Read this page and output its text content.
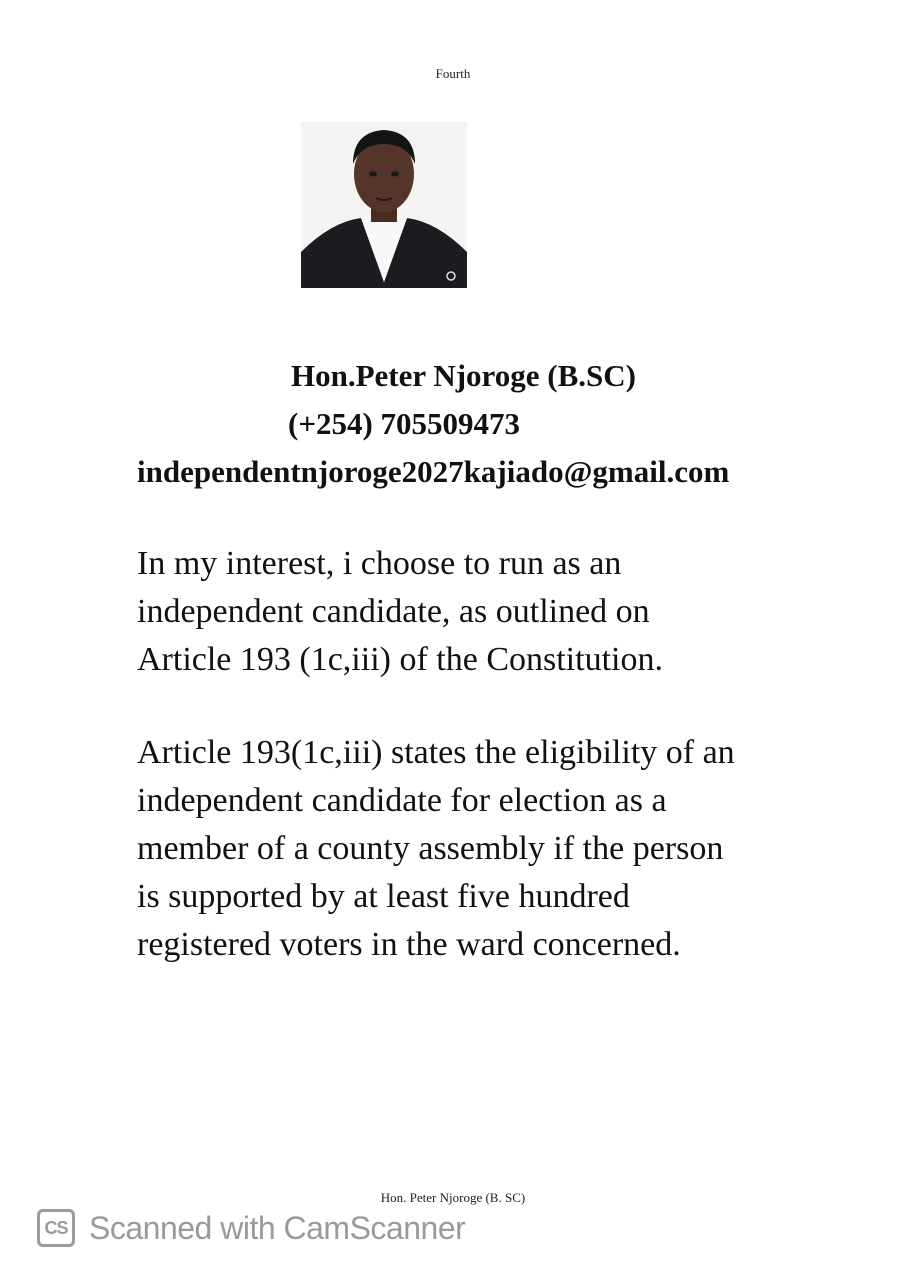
Fourth
Hon.Peter Njoroge (B.SC)
(+254) 705509473
independentnjoroge2027kajiado@gmail.com

In my interest, i choose to run as an
independent candidate, as outlined on
Article 193 (1c,iii) of the Constitution.

Article 193(1c,iii) states the eligibility of an
independent candidate for election as a
member of a county assembly if the person
is supported by at least five hundred
registered voters in the ward concerned.

Hon. Peter Njoroge (B. SC)
CS Scanned with CamScanner
